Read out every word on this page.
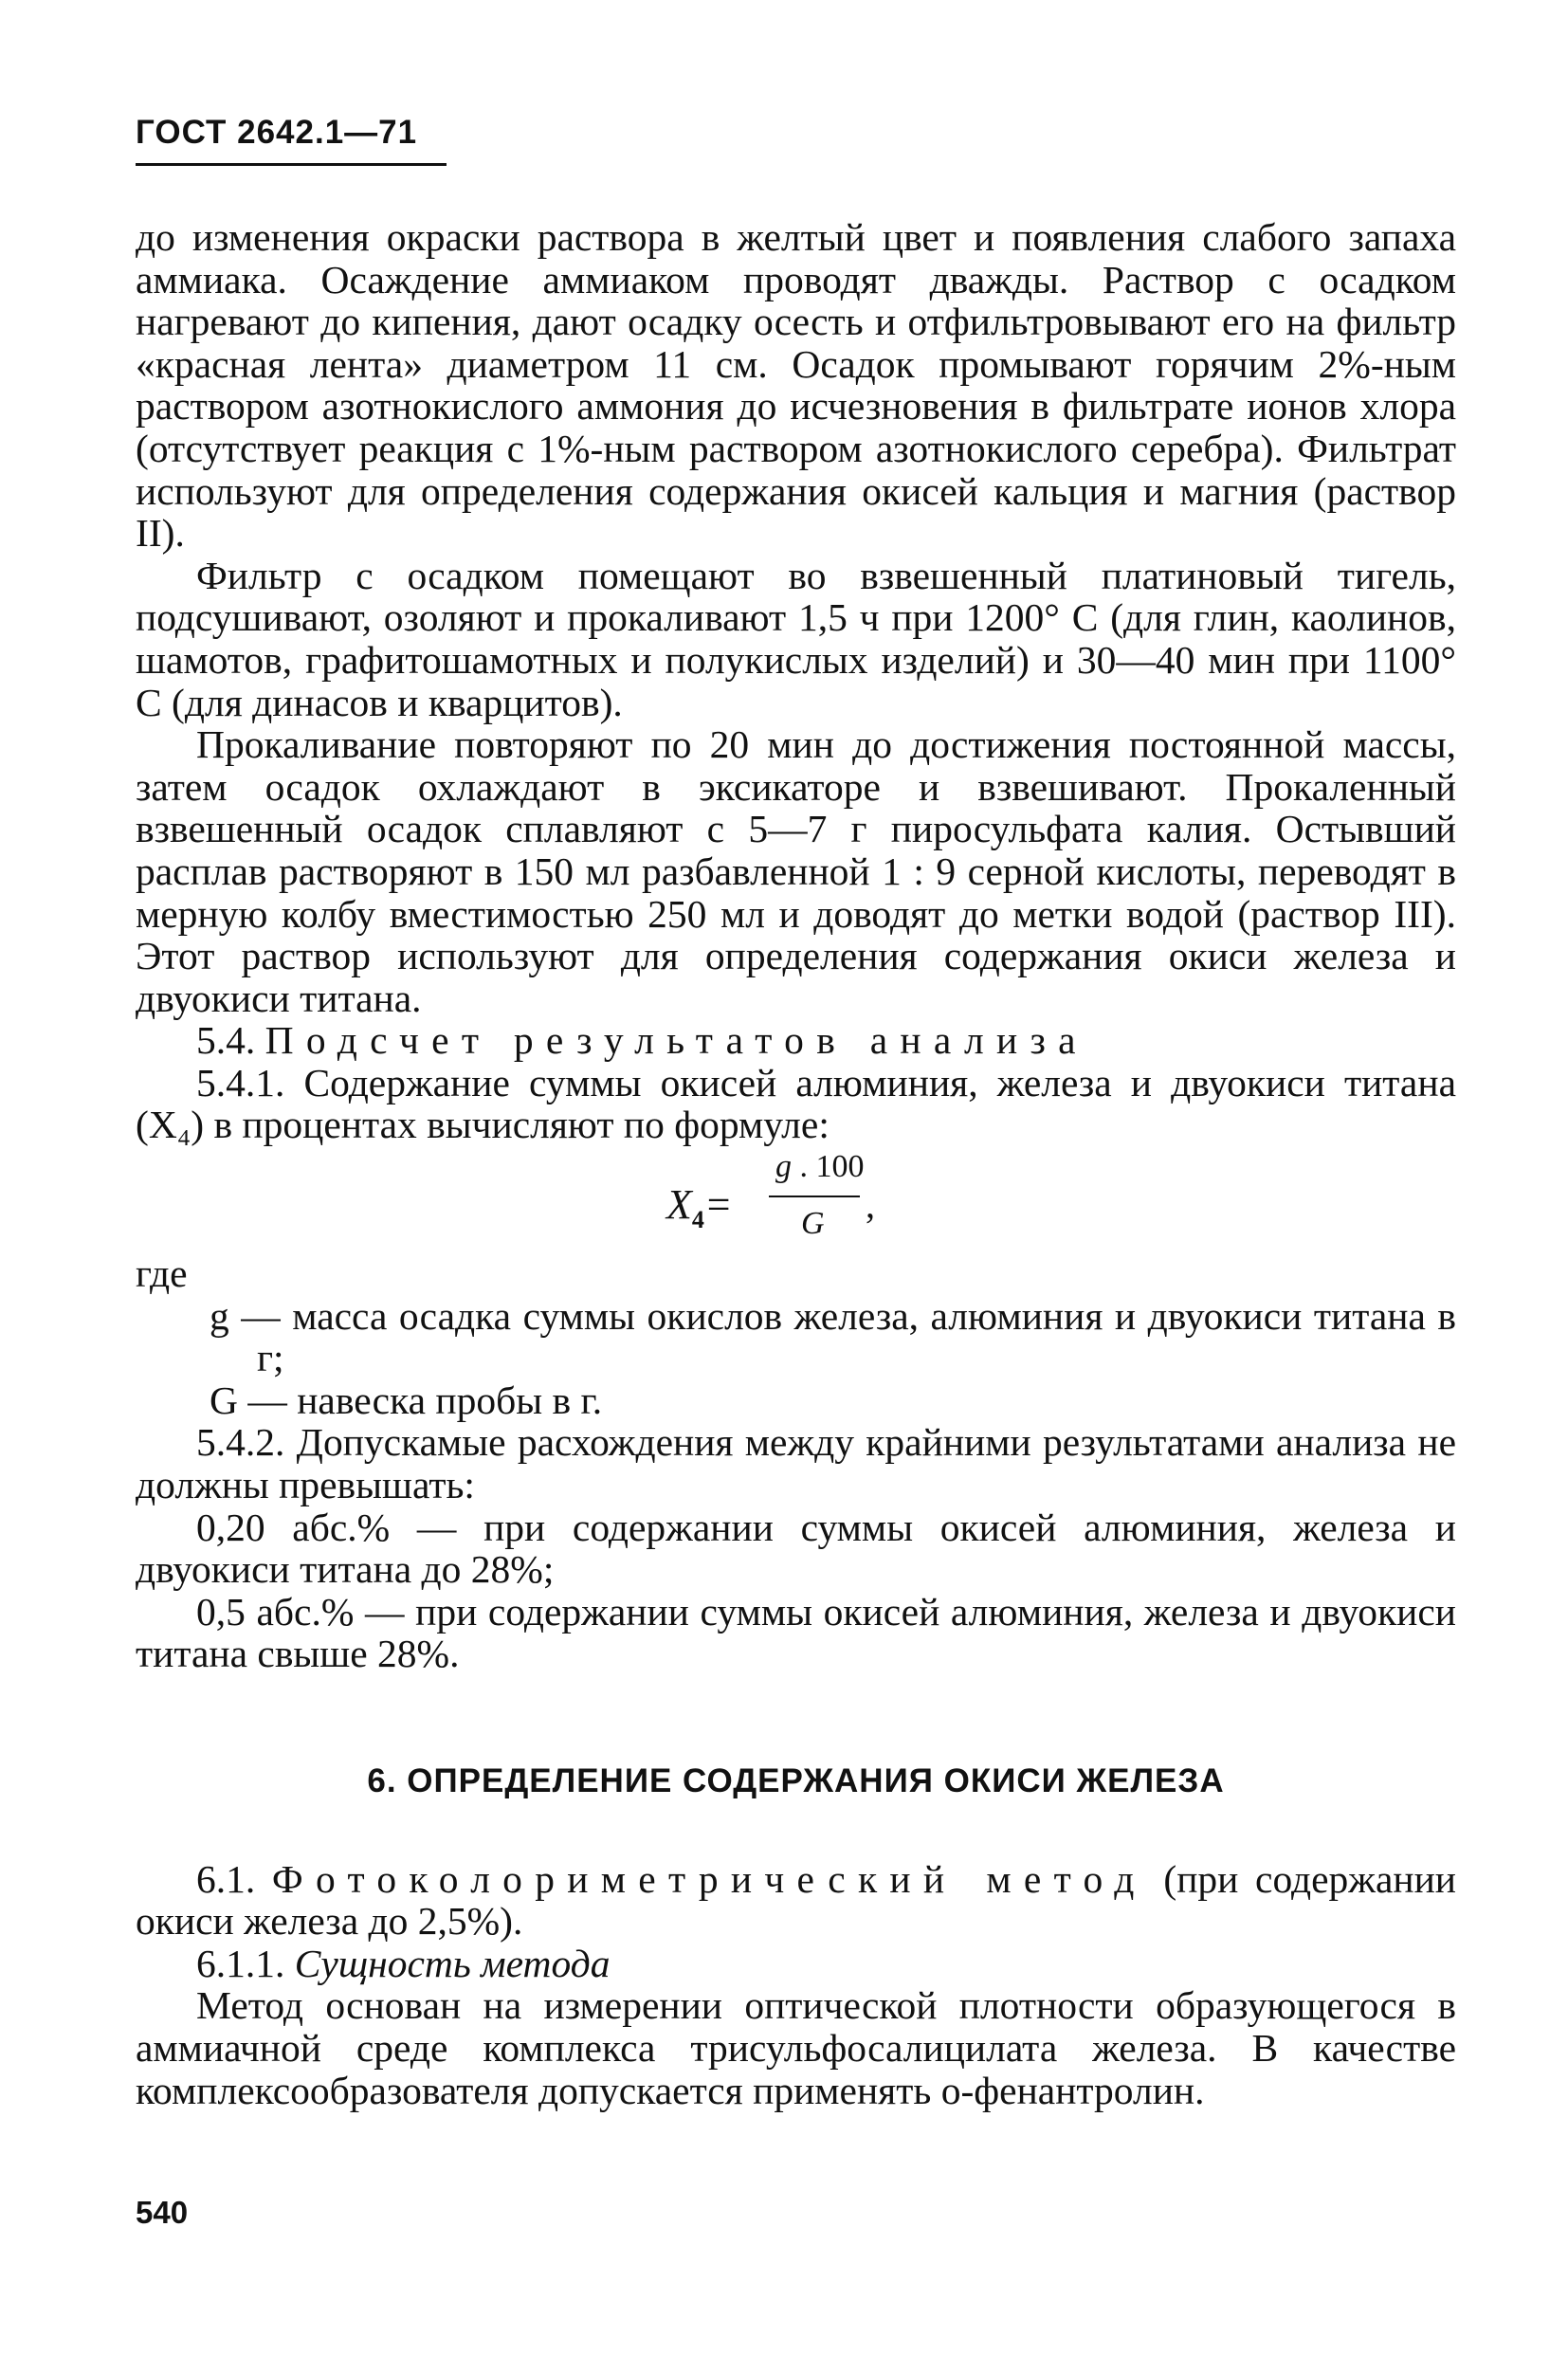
ГОСТ 2642.1—71

до изменения окраски раствора в желтый цвет и появления слабого запаха аммиака. Осаждение аммиаком проводят дважды. Раствор с осадком нагревают до кипения, дают осадку осесть и отфильтровывают его на фильтр «красная лента» диаметром 11 см. Осадок промывают горячим 2%-ным раствором азотнокислого аммония до исчезновения в фильтрате ионов хлора (отсутствует реакция с 1%-ным раствором азотнокислого серебра). Фильтрат используют для определения содержания окисей кальция и магния (раствор II).

Фильтр с осадком помещают во взвешенный платиновый тигель, подсушивают, озоляют и прокаливают 1,5 ч при 1200° С (для глин, каолинов, шамотов, графитошамотных и полукислых изделий) и 30—40 мин при 1100° С (для динасов и кварцитов).

Прокаливание повторяют по 20 мин до достижения постоянной массы, затем осадок охлаждают в эксикаторе и взвешивают. Прокаленный взвешенный осадок сплавляют с 5—7 г пиросульфата калия. Остывший расплав растворяют в 150 мл разбавленной 1 : 9 серной кислоты, переводят в мерную колбу вместимостью 250 мл и доводят до метки водой (раствор III). Этот раствор используют для определения содержания окиси железа и двуокиси титана.

5.4. Подсчет результатов анализа

5.4.1. Содержание суммы окисей алюминия, железа и двуокиси титана (X₄) в процентах вычисляют по формуле:

$X_4=$
g . 100
G ,

где

g — масса осадка суммы окислов железа, алюминия и двуокиси титана в г;

G — навеска пробы в г.

5.4.2. Допускамые расхождения между крайними результатами анализа не должны превышать:

0,20 абс.% — при содержании суммы окисей алюминия, железа и двуокиси титана до 28%;

0,5 абс.% — при содержании суммы окисей алюминия, железа и двуокиси титана свыше 28%.

6. ОПРЕДЕЛЕНИЕ СОДЕРЖАНИЯ ОКИСИ ЖЕЛЕЗА

6.1. Фотоколориметрический метод (при содержании окиси железа до 2,5%).

6.1.1. Сущность метода

Метод основан на измерении оптической плотности образующегося в аммиачной среде комплекса трисульфосалицилата железа. В качестве комплексообразователя допускается применять о-фенантролин.

540
